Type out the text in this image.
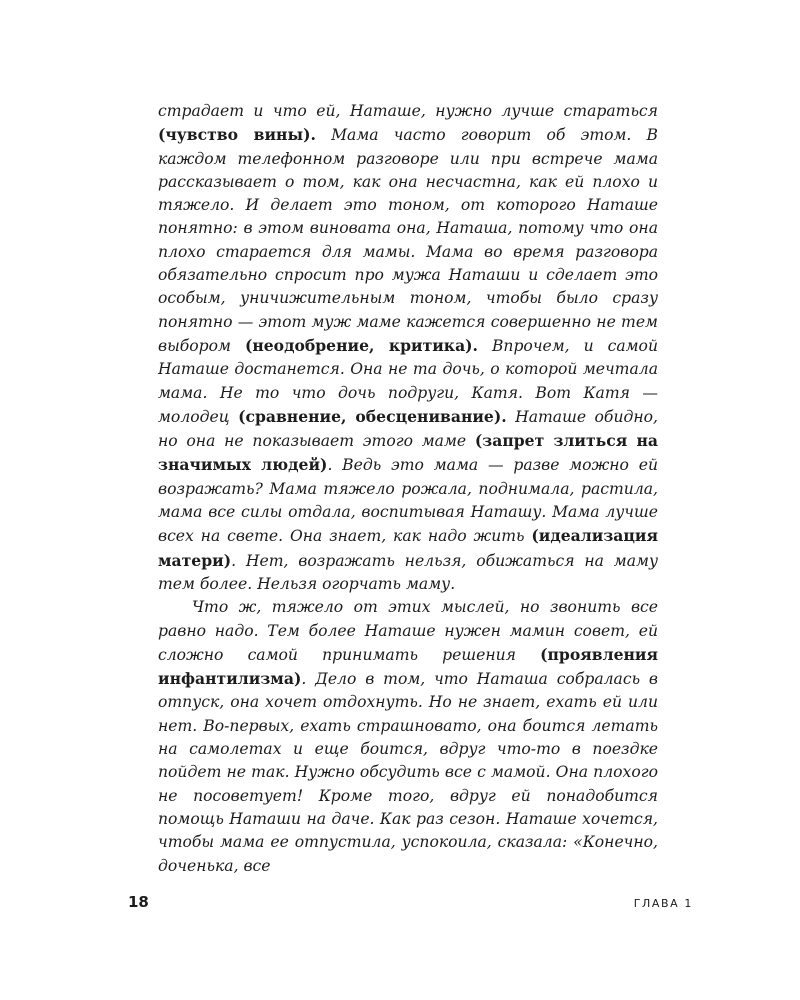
страдает и что ей, Наташе, нужно лучше стараться (чувство вины). Мама часто говорит об этом. В каждом телефонном разговоре или при встрече мама рассказывает о том, как она несчастна, как ей плохо и тяжело. И делает это тоном, от которого Наташе понятно: в этом виновата она, Наташа, потому что она плохо старается для мамы. Мама во время разговора обязательно спросит про мужа Наташи и сделает это особым, уничижительным тоном, чтобы было сразу понятно — этот муж маме кажется совершенно не тем выбором (неодобрение, критика). Впрочем, и самой Наташе достанется. Она не та дочь, о которой мечтала мама. Не то что дочь подруги, Катя. Вот Катя — молодец (сравнение, обесценивание). Наташе обидно, но она не показывает этого маме (запрет злиться на значимых людей). Ведь это мама — разве можно ей возражать? Мама тяжело рожала, поднимала, растила, мама все силы отдала, воспитывая Наташу. Мама лучше всех на свете. Она знает, как надо жить (идеализация матери). Нет, возражать нельзя, обижаться на маму тем более. Нельзя огорчать маму.

Что ж, тяжело от этих мыслей, но звонить все равно надо. Тем более Наташе нужен мамин совет, ей сложно самой принимать решения (проявления инфантилизма). Дело в том, что Наташа собралась в отпуск, она хочет отдохнуть. Но не знает, ехать ей или нет. Во-первых, ехать страшновато, она боится летать на самолетах и еще боится, вдруг что-то в поездке пойдет не так. Нужно обсудить все с мамой. Она плохого не посоветует! Кроме того, вдруг ей понадобится помощь Наташи на даче. Как раз сезон. Наташе хочется, чтобы мама ее отпустила, успокоила, сказала: «Конечно, доченька, все

18	ГЛАВА 1
